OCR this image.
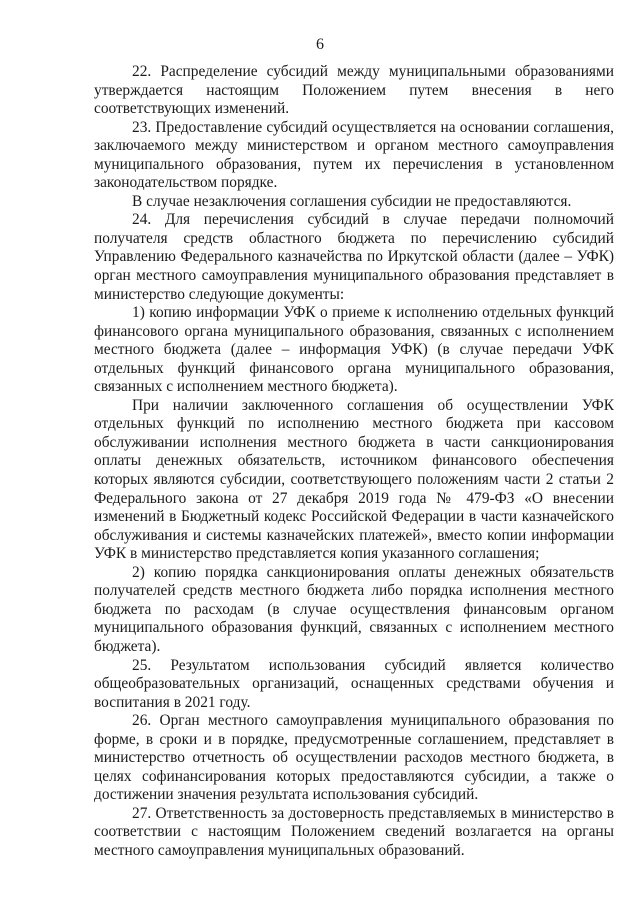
6

22. Распределение субсидий между муниципальными образованиями утверждается настоящим Положением путем внесения в него соответствующих изменений.

23. Предоставление субсидий осуществляется на основании соглашения, заключаемого между министерством и органом местного самоуправления муниципального образования, путем их перечисления в установленном законодательством порядке.

В случае незаключения соглашения субсидии не предоставляются.

24. Для перечисления субсидий в случае передачи полномочий получателя средств областного бюджета по перечислению субсидий Управлению Федерального казначейства по Иркутской области (далее – УФК) орган местного самоуправления муниципального образования представляет в министерство следующие документы:

1) копию информации УФК о приеме к исполнению отдельных функций финансового органа муниципального образования, связанных с исполнением местного бюджета (далее – информация УФК) (в случае передачи УФК отдельных функций финансового органа муниципального образования, связанных с исполнением местного бюджета).

При наличии заключенного соглашения об осуществлении УФК отдельных функций по исполнению местного бюджета при кассовом обслуживании исполнения местного бюджета в части санкционирования оплаты денежных обязательств, источником финансового обеспечения которых являются субсидии, соответствующего положениям части 2 статьи 2 Федерального закона от 27 декабря 2019 года № 479-ФЗ «О внесении изменений в Бюджетный кодекс Российской Федерации в части казначейского обслуживания и системы казначейских платежей», вместо копии информации УФК в министерство представляется копия указанного соглашения;

2) копию порядка санкционирования оплаты денежных обязательств получателей средств местного бюджета либо порядка исполнения местного бюджета по расходам (в случае осуществления финансовым органом муниципального образования функций, связанных с исполнением местного бюджета).

25. Результатом использования субсидий является количество общеобразовательных организаций, оснащенных средствами обучения и воспитания в 2021 году.

26. Орган местного самоуправления муниципального образования по форме, в сроки и в порядке, предусмотренные соглашением, представляет в министерство отчетность об осуществлении расходов местного бюджета, в целях софинансирования которых предоставляются субсидии, а также о достижении значения результата использования субсидий.

27. Ответственность за достоверность представляемых в министерство в соответствии с настоящим Положением сведений возлагается на органы местного самоуправления муниципальных образований.
